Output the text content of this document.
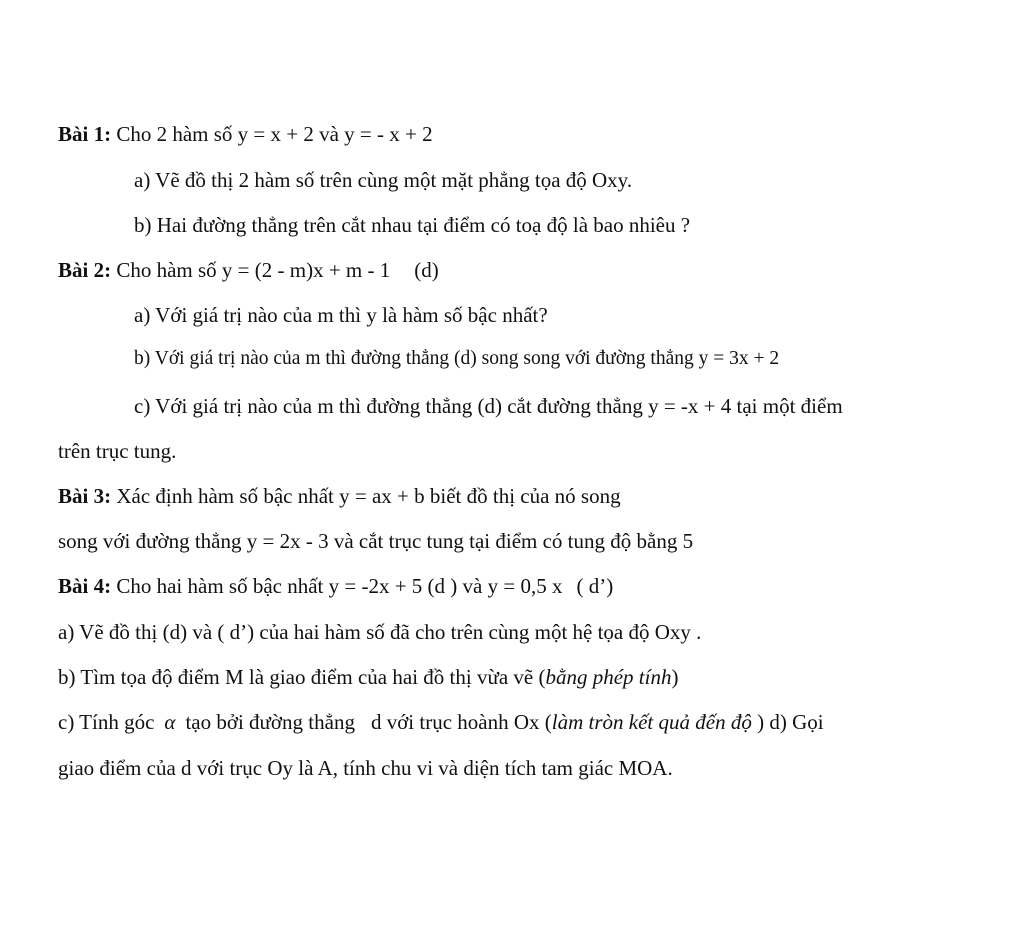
Bài 1: Cho 2 hàm số y = x + 2 và y = - x + 2
a) Vẽ đồ thị 2 hàm số trên cùng một mặt phẳng tọa độ Oxy.
b) Hai đường thẳng trên cắt nhau tại điểm có toạ độ là bao nhiêu ?
Bài 2: Cho hàm số y = (2 - m)x + m - 1 (d)
a) Với giá trị nào của m thì y là hàm số bậc nhất?
b) Với giá trị nào của m thì đường thẳng (d) song song với đường thẳng y = 3x + 2
c) Với giá trị nào của m thì đường thẳng (d) cắt đường thẳng y = -x + 4 tại một điểm
trên trục tung.
Bài 3: Xác định hàm số bậc nhất y = ax + b biết đồ thị của nó song
song với đường thẳng y = 2x - 3 và cắt trục tung tại điểm có tung độ bằng 5
Bài 4: Cho hai hàm số bậc nhất y = -2x + 5 (d ) và y = 0,5 x ( d’)
a) Vẽ đồ thị (d) và ( d’) của hai hàm số đã cho trên cùng một hệ tọa độ Oxy .
b) Tìm tọa độ điểm M là giao điểm của hai đồ thị vừa vẽ (bằng phép tính)
c) Tính góc α tạo bởi đường thẳng d với trục hoành Ox (làm tròn kết quả đến độ ) d) Gọi
giao điểm của d với trục Oy là A, tính chu vi và diện tích tam giác MOA.
